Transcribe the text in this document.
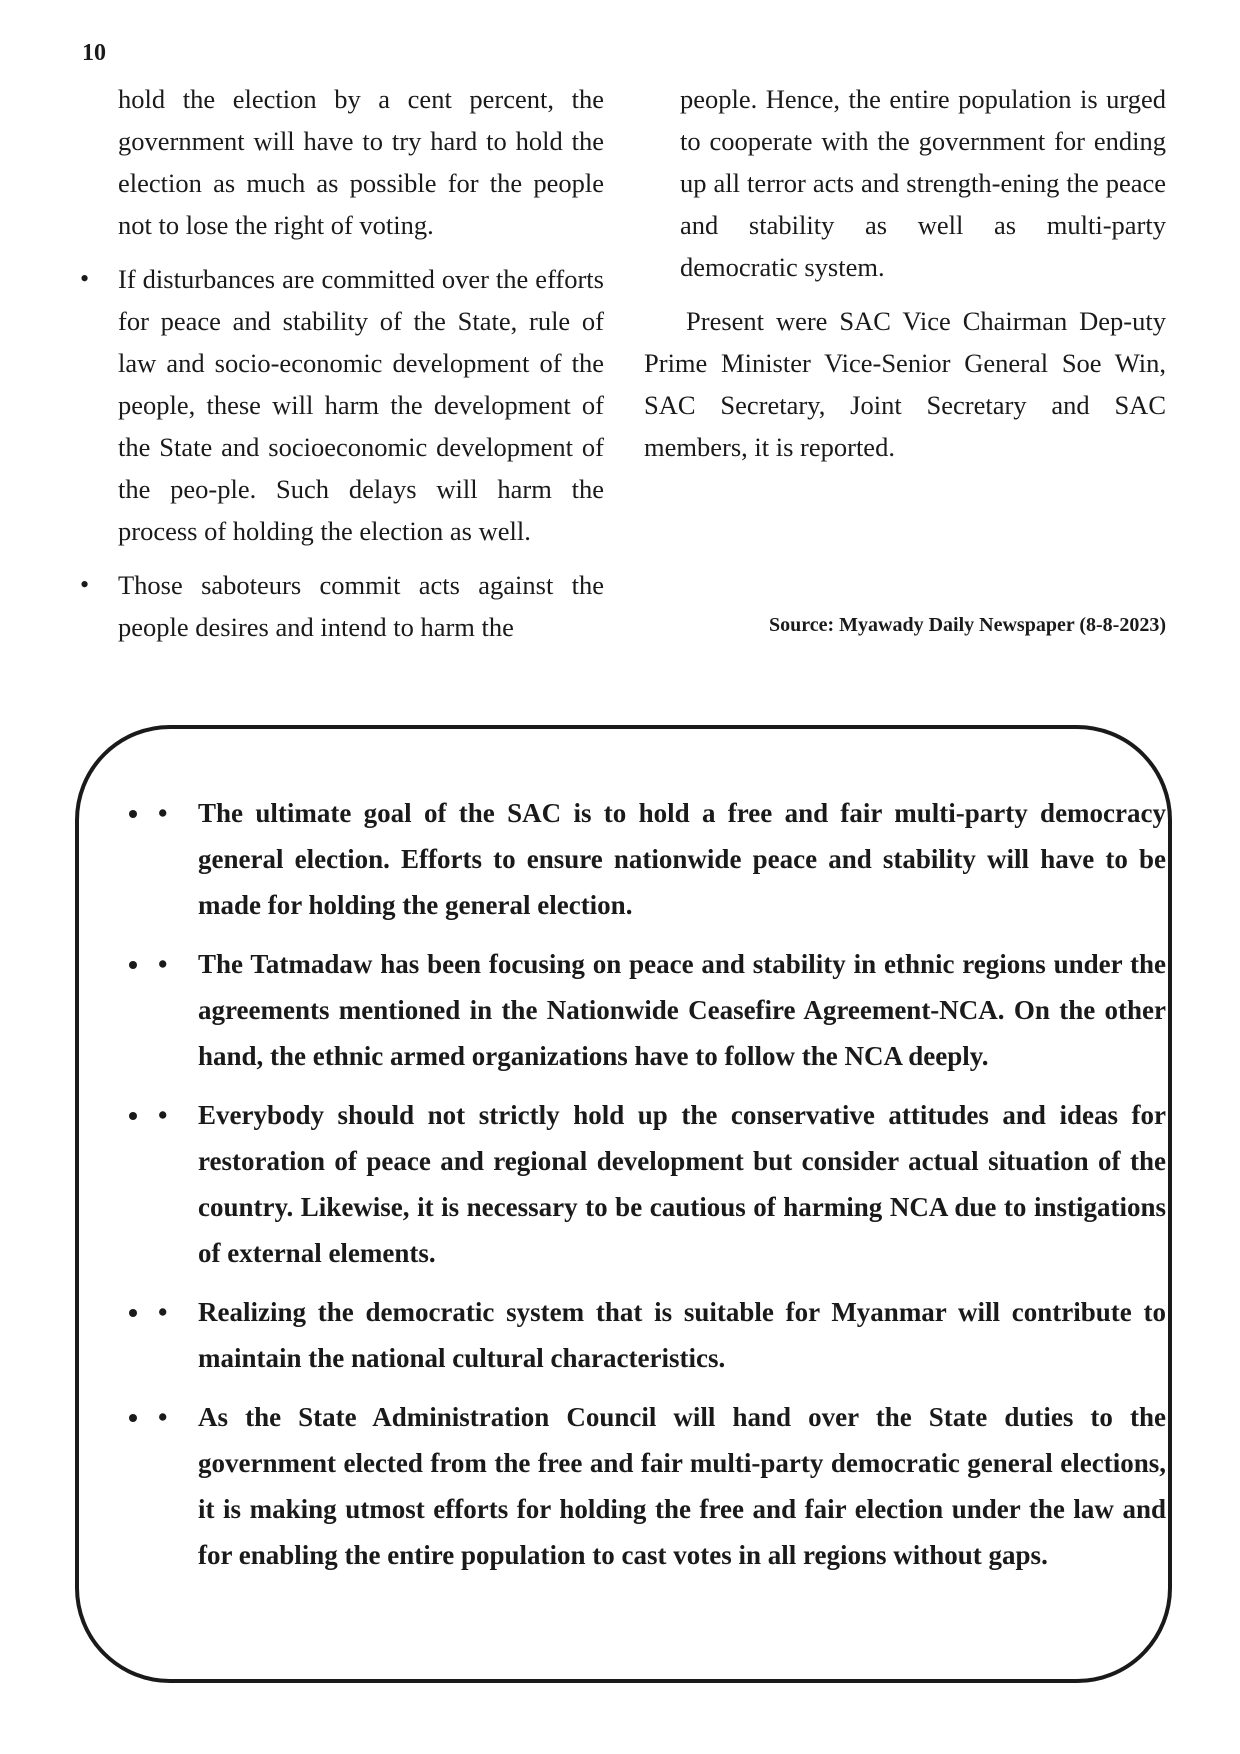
10

hold the election by a cent percent, the government will have to try hard to hold the election as much as possible for the people not to lose the right of voting.

• If disturbances are committed over the efforts for peace and stability of the State, rule of law and socio-economic development of the people, these will harm the development of the State and socioeconomic development of the peo-ple. Such delays will harm the process of holding the election as well.
• Those saboteurs commit acts against the people desires and intend to harm the

people. Hence, the entire population is urged to cooperate with the government for ending up all terror acts and strength-ening the peace and stability as well as multi-party democratic system.

Present were SAC Vice Chairman Dep-uty Prime Minister Vice-Senior General Soe Win, SAC Secretary, Joint Secretary and SAC members, it is reported.

Source: Myawady Daily Newspaper (8-8-2023)
• • The ultimate goal of the SAC is to hold a free and fair multi-party democracy general election. Efforts to ensure nationwide peace and stability will have to be made for holding the general election.
• • The Tatmadaw has been focusing on peace and stability in ethnic regions under the agreements mentioned in the Nationwide Ceasefire Agreement-NCA. On the other hand, the ethnic armed organizations have to follow the NCA deeply.
• • Everybody should not strictly hold up the conservative attitudes and ideas for restoration of peace and regional development but consider actual situation of the country. Likewise, it is necessary to be cautious of harming NCA due to instigations of external elements.
• • Realizing the democratic system that is suitable for Myanmar will contribute to maintain the national cultural characteristics.
• • As the State Administration Council will hand over the State duties to the government elected from the free and fair multi-party democratic general elections, it is making utmost efforts for holding the free and fair election under the law and for enabling the entire population to cast votes in all regions without gaps.
